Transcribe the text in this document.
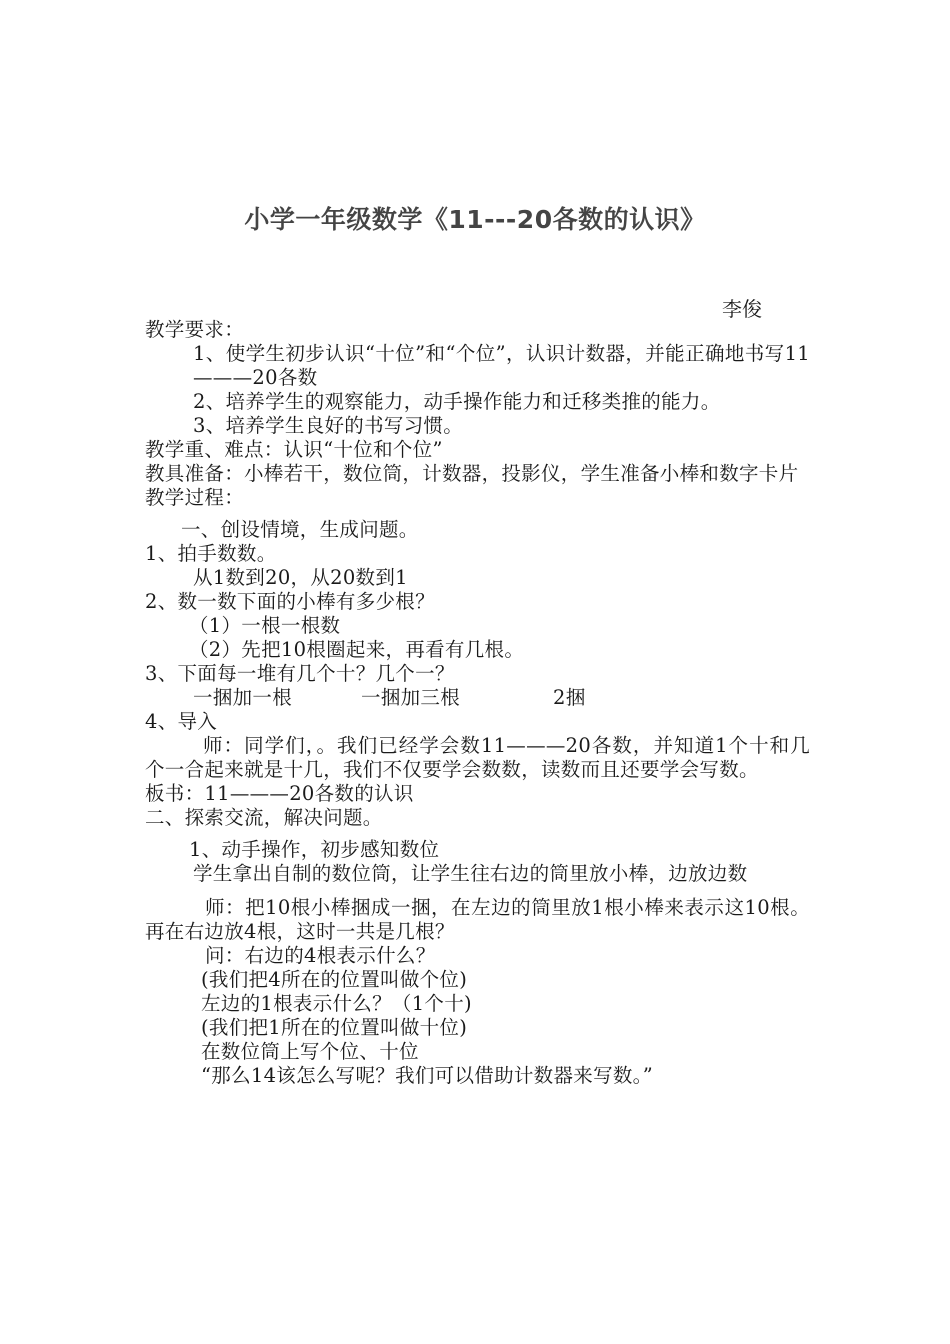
小学一年级数学《11---20各数的认识》
李俊

教学要求：

1、使学生初步认识“十位”和“个位”，认识计数器，并能正确地书写11———20各数

2、培养学生的观察能力，动手操作能力和迁移类推的能力。

3、培养学生良好的书写习惯。

教学重、难点：认识“十位和个位”

教具准备：小棒若干，数位筒，计数器，投影仪，学生准备小棒和数字卡片

教学过程：

一、创设情境，生成问题。

1、拍手数数。

从1数到20，从20数到1

2、数一数下面的小棒有多少根？

（1）一根一根数

（2）先把10根圈起来，再看有几根。

3、下面每一堆有几个十？几个一？

一捆加一根	一捆加三根	2捆

4、导入

师：同学们，。我们已经学会数11———20各数，并知道1个十和几个一合起来就是十几，我们不仅要学会数数，读数而且还要学会写数。

板书：11———20各数的认识

二、探索交流，解决问题。

1、动手操作，初步感知数位

学生拿出自制的数位筒，让学生往右边的筒里放小棒，边放边数

师：把10根小棒捆成一捆，在左边的筒里放1根小棒来表示这10根。再在右边放4根，这时一共是几根？

问：右边的4根表示什么？

(我们把4所在的位置叫做个位)

左边的1根表示什么？（1个十)

(我们把1所在的位置叫做十位)

在数位筒上写个位、十位

“那么14该怎么写呢？我们可以借助计数器来写数。”
